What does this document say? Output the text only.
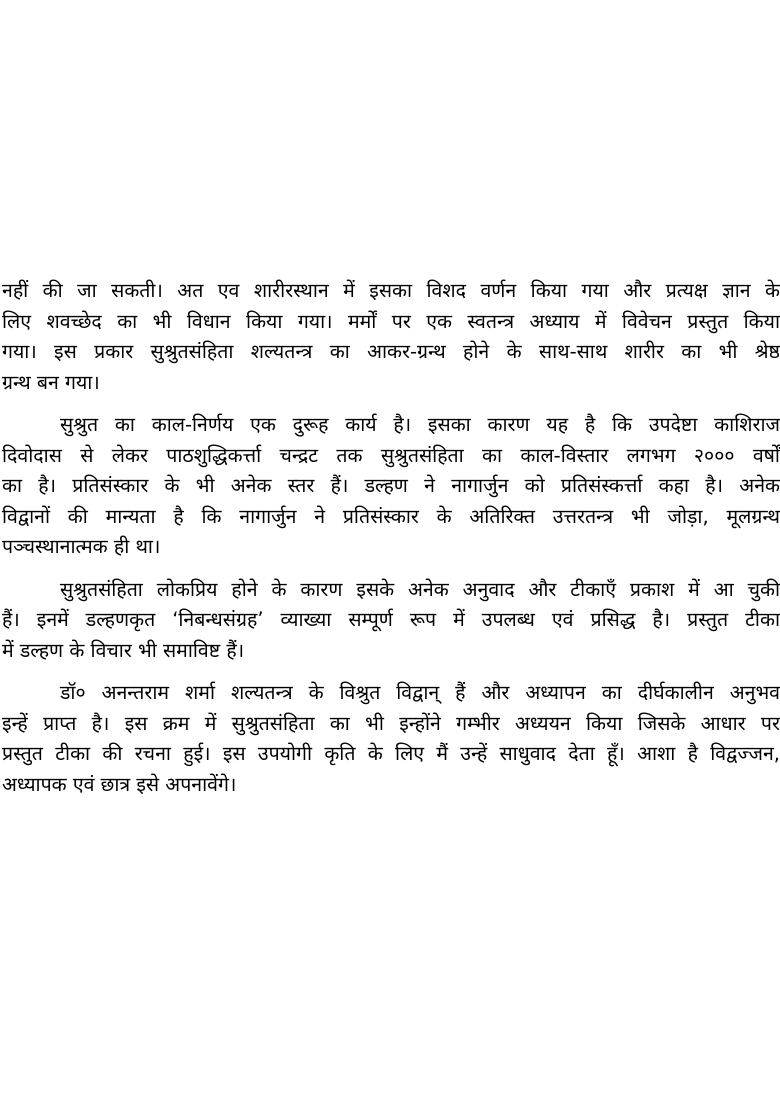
नहीं की जा सकती। अत एव शारीरस्थान में इसका विशद वर्णन किया गया और प्रत्यक्ष ज्ञान के
लिए शवच्छेद का भी विधान किया गया। मर्मों पर एक स्वतन्त्र अध्याय में विवेचन प्रस्तुत किया
गया। इस प्रकार सुश्रुतसंहिता शल्यतन्त्र का आकर-ग्रन्थ होने के साथ-साथ शारीर का भी श्रेष्ठ
ग्रन्थ बन गया।
सुश्रुत का काल-निर्णय एक दुरूह कार्य है। इसका कारण यह है कि उपदेष्टा काशिराज
दिवोदास से लेकर पाठशुद्धिकर्त्ता चन्द्रट तक सुश्रुतसंहिता का काल-विस्तार लगभग २००० वर्षों
का है। प्रतिसंस्कार के भी अनेक स्तर हैं। डल्हण ने नागार्जुन को प्रतिसंस्कर्त्ता कहा है। अनेक
विद्वानों की मान्यता है कि नागार्जुन ने प्रतिसंस्कार के अतिरिक्त उत्तरतन्त्र भी जोड़ा, मूलग्रन्थ
पञ्चस्थानात्मक ही था।
सुश्रुतसंहिता लोकप्रिय होने के कारण इसके अनेक अनुवाद और टीकाएँ प्रकाश में आ चुकी
हैं। इनमें डल्हणकृत ‘निबन्धसंग्रह’ व्याख्या सम्पूर्ण रूप में उपलब्ध एवं प्रसिद्ध है। प्रस्तुत टीका
में डल्हण के विचार भी समाविष्ट हैं।
डॉ० अनन्तराम शर्मा शल्यतन्त्र के विश्रुत विद्वान् हैं और अध्यापन का दीर्घकालीन अनुभव
इन्हें प्राप्त है। इस क्रम में सुश्रुतसंहिता का भी इन्होंने गम्भीर अध्ययन किया जिसके आधार पर
प्रस्तुत टीका की रचना हुई। इस उपयोगी कृति के लिए मैं उन्हें साधुवाद देता हूँ। आशा है विद्वज्जन,
अध्यापक एवं छात्र इसे अपनावेंगे।
